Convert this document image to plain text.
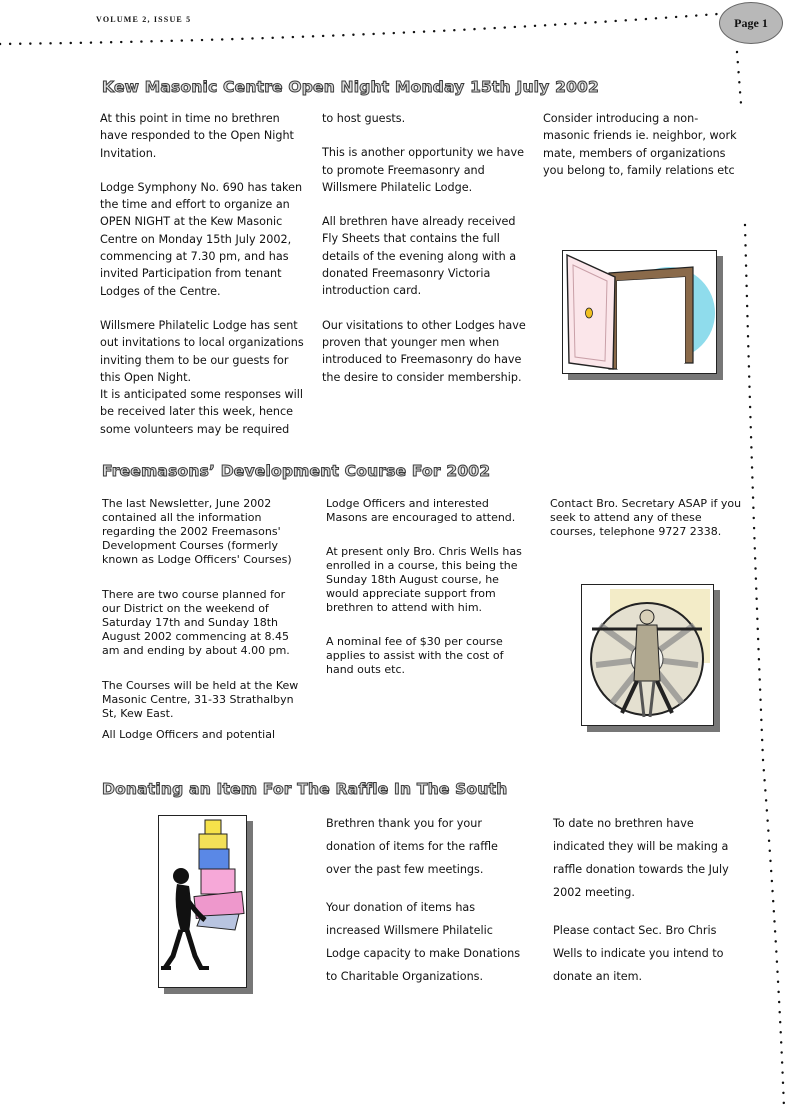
VOLUME 2, ISSUE 5	Page 1
Kew Masonic Centre Open Night Monday 15th July 2002

At this point in time no brethren have responded to the Open Night Invitation.

Lodge Symphony No. 690 has taken the time and effort to organize an OPEN NIGHT at the Kew Masonic Centre on Monday 15th July 2002, commencing at 7.30 pm, and has invited Participation from tenant Lodges of the Centre.

Willsmere Philatelic Lodge has sent out invitations to local organizations inviting them to be our guests for this Open Night.

It is anticipated some responses will be received later this week, hence some volunteers may be required

to host guests.

This is another opportunity we have to promote Freemasonry and Willsmere Philatelic Lodge.

All brethren have already received Fly Sheets that contains the full details of the evening along with a donated Freemasonry Victoria introduction card.

Our visitations to other Lodges have proven that younger men when introduced to Freemasonry do have the desire to consider membership.

Consider introducing a non-masonic friends ie. neighbor, work mate, members of organizations you belong to, family relations etc

Freemasons’ Development Course For 2002

The last Newsletter, June 2002 contained all the information regarding the 2002 Freemasons' Development Courses (formerly known as Lodge Officers' Courses)

There are two course planned for our District on the weekend of Saturday 17th and Sunday 18th August 2002 commencing at 8.45 am and ending by about 4.00 pm.

The Courses will be held at the Kew Masonic Centre, 31-33 Strathalbyn St, Kew East.

All Lodge Officers and potential

Lodge Officers and interested Masons are encouraged to attend.

At present only Bro. Chris Wells has enrolled in a course, this being the Sunday 18th August course, he would appreciate support from brethren to attend with him.

A nominal fee of $30 per course applies to assist with the cost of hand outs etc.

Contact Bro. Secretary ASAP if you seek to attend any of these courses, telephone 9727 2338.

Donating an Item For The Raffle In The South

Brethren thank you for your donation of items for the raffle over the past few meetings.

Your donation of items has increased Willsmere Philatelic Lodge capacity to make Donations to Charitable Organizations.

To date no brethren have indicated they will be making a raffle donation towards the July 2002 meeting.

Please contact Sec. Bro Chris Wells to indicate you intend to donate an item.
